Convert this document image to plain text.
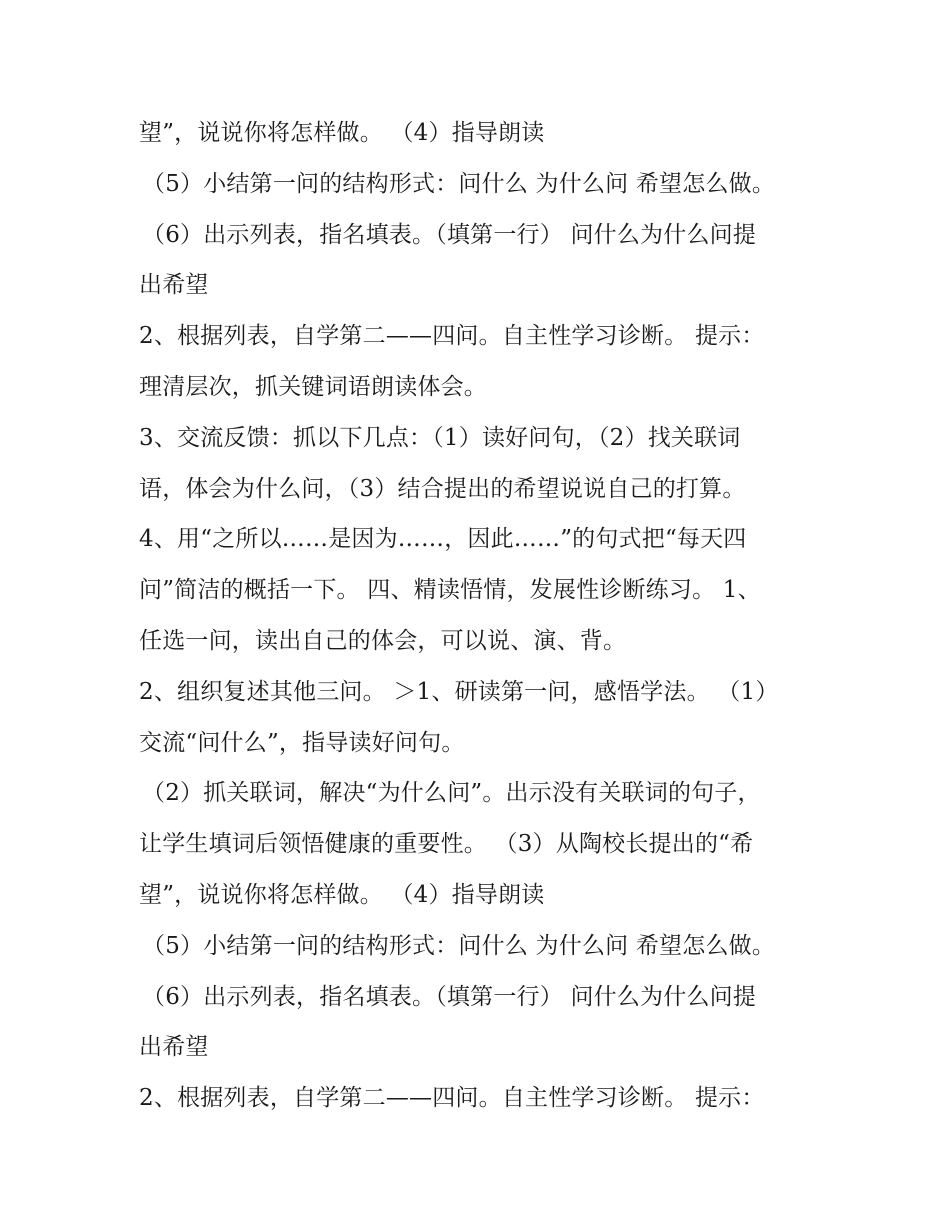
望”，说说你将怎样做。 （4）指导朗读
（5）小结第一问的结构形式：问什么 为什么问 希望怎么做。
（6）出示列表，指名填表。（填第一行） 问什么为什么问提
出希望
2、根据列表，自学第二——四问。自主性学习诊断。 提示：
理清层次，抓关键词语朗读体会。
3、交流反馈：抓以下几点：（1）读好问句，（2）找关联词
语，体会为什么问，（3）结合提出的希望说说自己的打算。
4、用“之所以……是因为……，因此……”的句式把“每天四
问”简洁的概括一下。 四、精读悟情，发展性诊断练习。 1、
任选一问，读出自己的体会，可以说、演、背。
2、组织复述其他三问。 ＞1、研读第一问，感悟学法。 （1）
交流“问什么”，指导读好问句。
（2）抓关联词，解决“为什么问”。出示没有关联词的句子，
让学生填词后领悟健康的重要性。 （3）从陶校长提出的“希
望”，说说你将怎样做。 （4）指导朗读
（5）小结第一问的结构形式：问什么 为什么问 希望怎么做。
（6）出示列表，指名填表。（填第一行） 问什么为什么问提
出希望
2、根据列表，自学第二——四问。自主性学习诊断。 提示：
